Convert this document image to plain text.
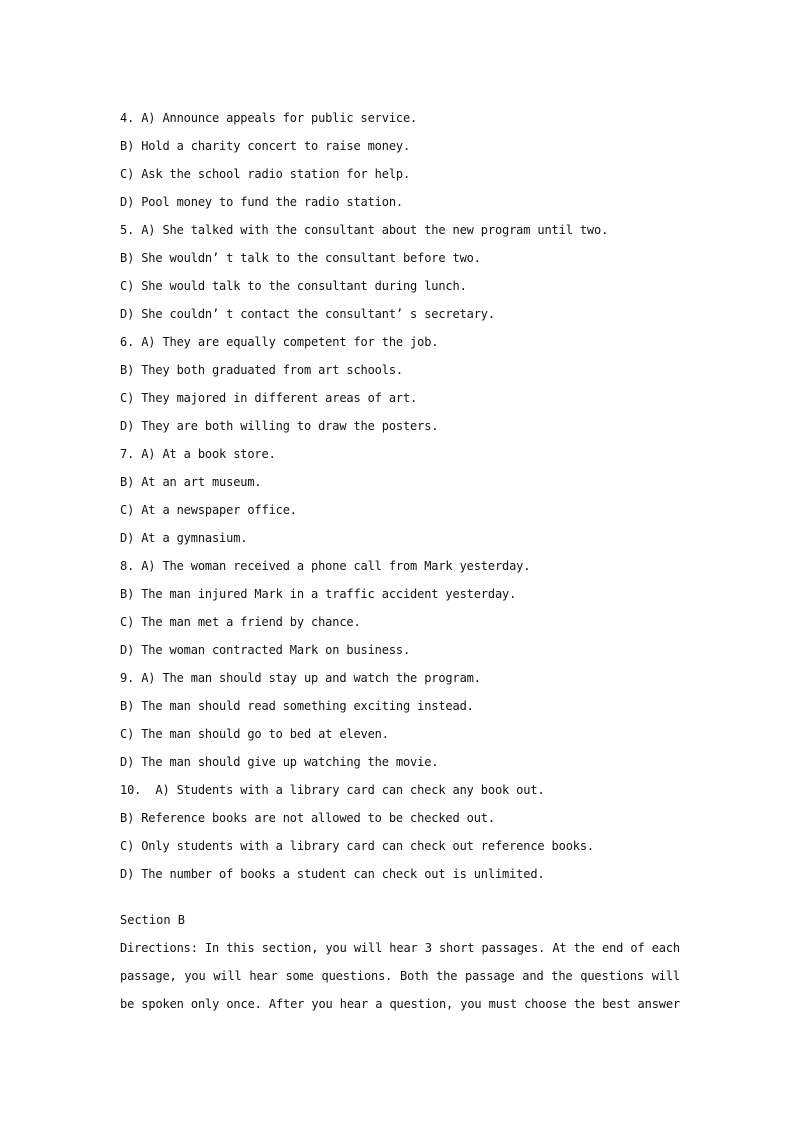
4. A) Announce appeals for public service.
B) Hold a charity concert to raise money.
C) Ask the school radio station for help.
D) Pool money to fund the radio station.
5. A) She talked with the consultant about the new program until two.
B) She wouldn’ t talk to the consultant before two.
C) She would talk to the consultant during lunch.
D) She couldn’ t contact the consultant’ s secretary.
6. A) They are equally competent for the job.
B) They both graduated from art schools.
C) They majored in different areas of art.
D) They are both willing to draw the posters.
7. A) At a book store.
B) At an art museum.
C) At a newspaper office.
D) At a gymnasium.
8. A) The woman received a phone call from Mark yesterday.
B) The man injured Mark in a traffic accident yesterday.
C) The man met a friend by chance.
D) The woman contracted Mark on business.
9. A) The man should stay up and watch the program.
B) The man should read something exciting instead.
C) The man should go to bed at eleven.
D) The man should give up watching the movie.
10.  A) Students with a library card can check any book out.
B) Reference books are not allowed to be checked out.
C) Only students with a library card can check out reference books.
D) The number of books a student can check out is unlimited.
Section B
Directions: In this section, you will hear 3 short passages. At the end of each
passage, you will hear some questions. Both the passage and the questions will
be spoken only once. After you hear a question, you must choose the best answer
